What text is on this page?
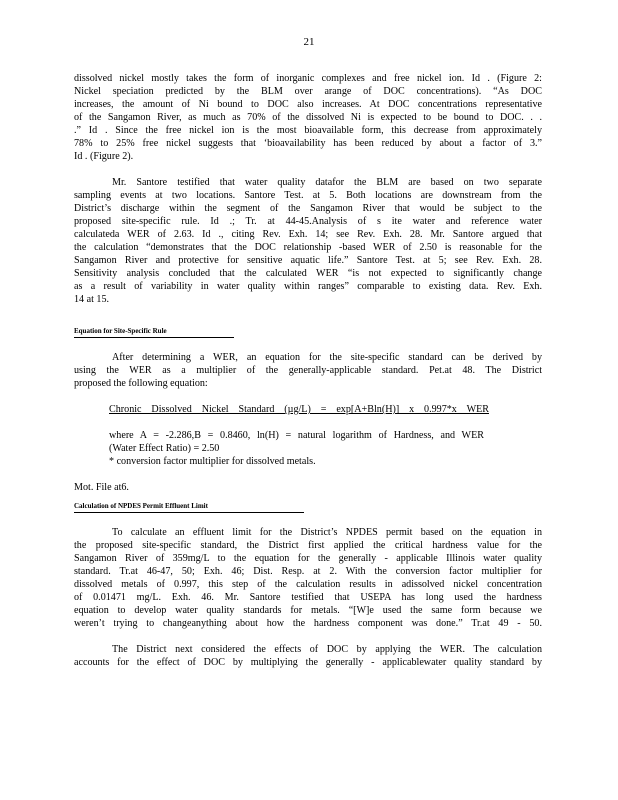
21
dissolved nickel mostly takes the form of inorganic complexes and free nickel ion. Id . (Figure 2:
Nickel speciation predicted by the BLM over arange of DOC concentrations). “As DOC
increases, the amount of Ni bound to DOC also increases. At DOC concentrations representative
of the Sangamon River, as much as 70% of the dissolved Ni is expected to be bound to DOC. . .
.” Id . Since the free nickel ion is the most bioavailable form, this decrease from approximately
78% to 25% free nickel suggests that ‘bioavailability has been reduced by about a factor of 3.”
Id . (Figure 2).
Mr. Santore testified that water quality datafor the BLM are based on two separate
sampling events at two locations. Santore Test. at 5. Both locations are downstream from the
District’s discharge within the segment of the Sangamon River that would be subject to the
proposed site-specific rule. Id .; Tr. at 44-45.Analysis of s ite water and reference water
calculateda WER of 2.63. Id ., citing Rev. Exh. 14; see Rev. Exh. 28. Mr. Santore argued that
the calculation “demonstrates that the DOC relationship -based WER of 2.50 is reasonable for the
Sangamon River and protective for sensitive aquatic life.” Santore Test. at 5; see Rev. Exh. 28.
Sensitivity analysis concluded that the calculated WER “is not expected to significantly change
as a result of variability in water quality within ranges” comparable to existing data. Rev. Exh.
14 at 15.
Equation for Site-Specific Rule
After determining a WER, an equation for the site-specific standard can be derived by
using the WER as a multiplier of the generally-applicable standard. Pet.at 48. The District
proposed the following equation:
Chronic Dissolved Nickel Standard (µg/L) = exp[A+Bln(H)] x 0.997*x WER
where A = -2.286,B = 0.8460, ln(H) = natural logarithm of Hardness, and WER
(Water Effect Ratio) = 2.50
* conversion factor multiplier for dissolved metals.
Mot. File at6.
Calculation of NPDES Permit Effluent Limit
To calculate an effluent limit for the District’s NPDES permit based on the equation in
the proposed site-specific standard, the District first applied the critical hardness value for the
Sangamon River of 359mg/L to the equation for the generally - applicable Illinois water quality
standard. Tr.at 46-47, 50; Exh. 46; Dist. Resp. at 2. With the conversion factor multiplier for
dissolved metals of 0.997, this step of the calculation results in adissolved nickel concentration
of 0.01471 mg/L. Exh. 46. Mr. Santore testified that USEPA has long used the hardness
equation to develop water quality standards for metals. “[W]e used the same form because we
weren’t trying to changeanything about how the hardness component was done.” Tr.at 49 - 50.
The District next considered the effects of DOC by applying the WER. The calculation
accounts for the effect of DOC by multiplying the generally - applicablewater quality standard by
